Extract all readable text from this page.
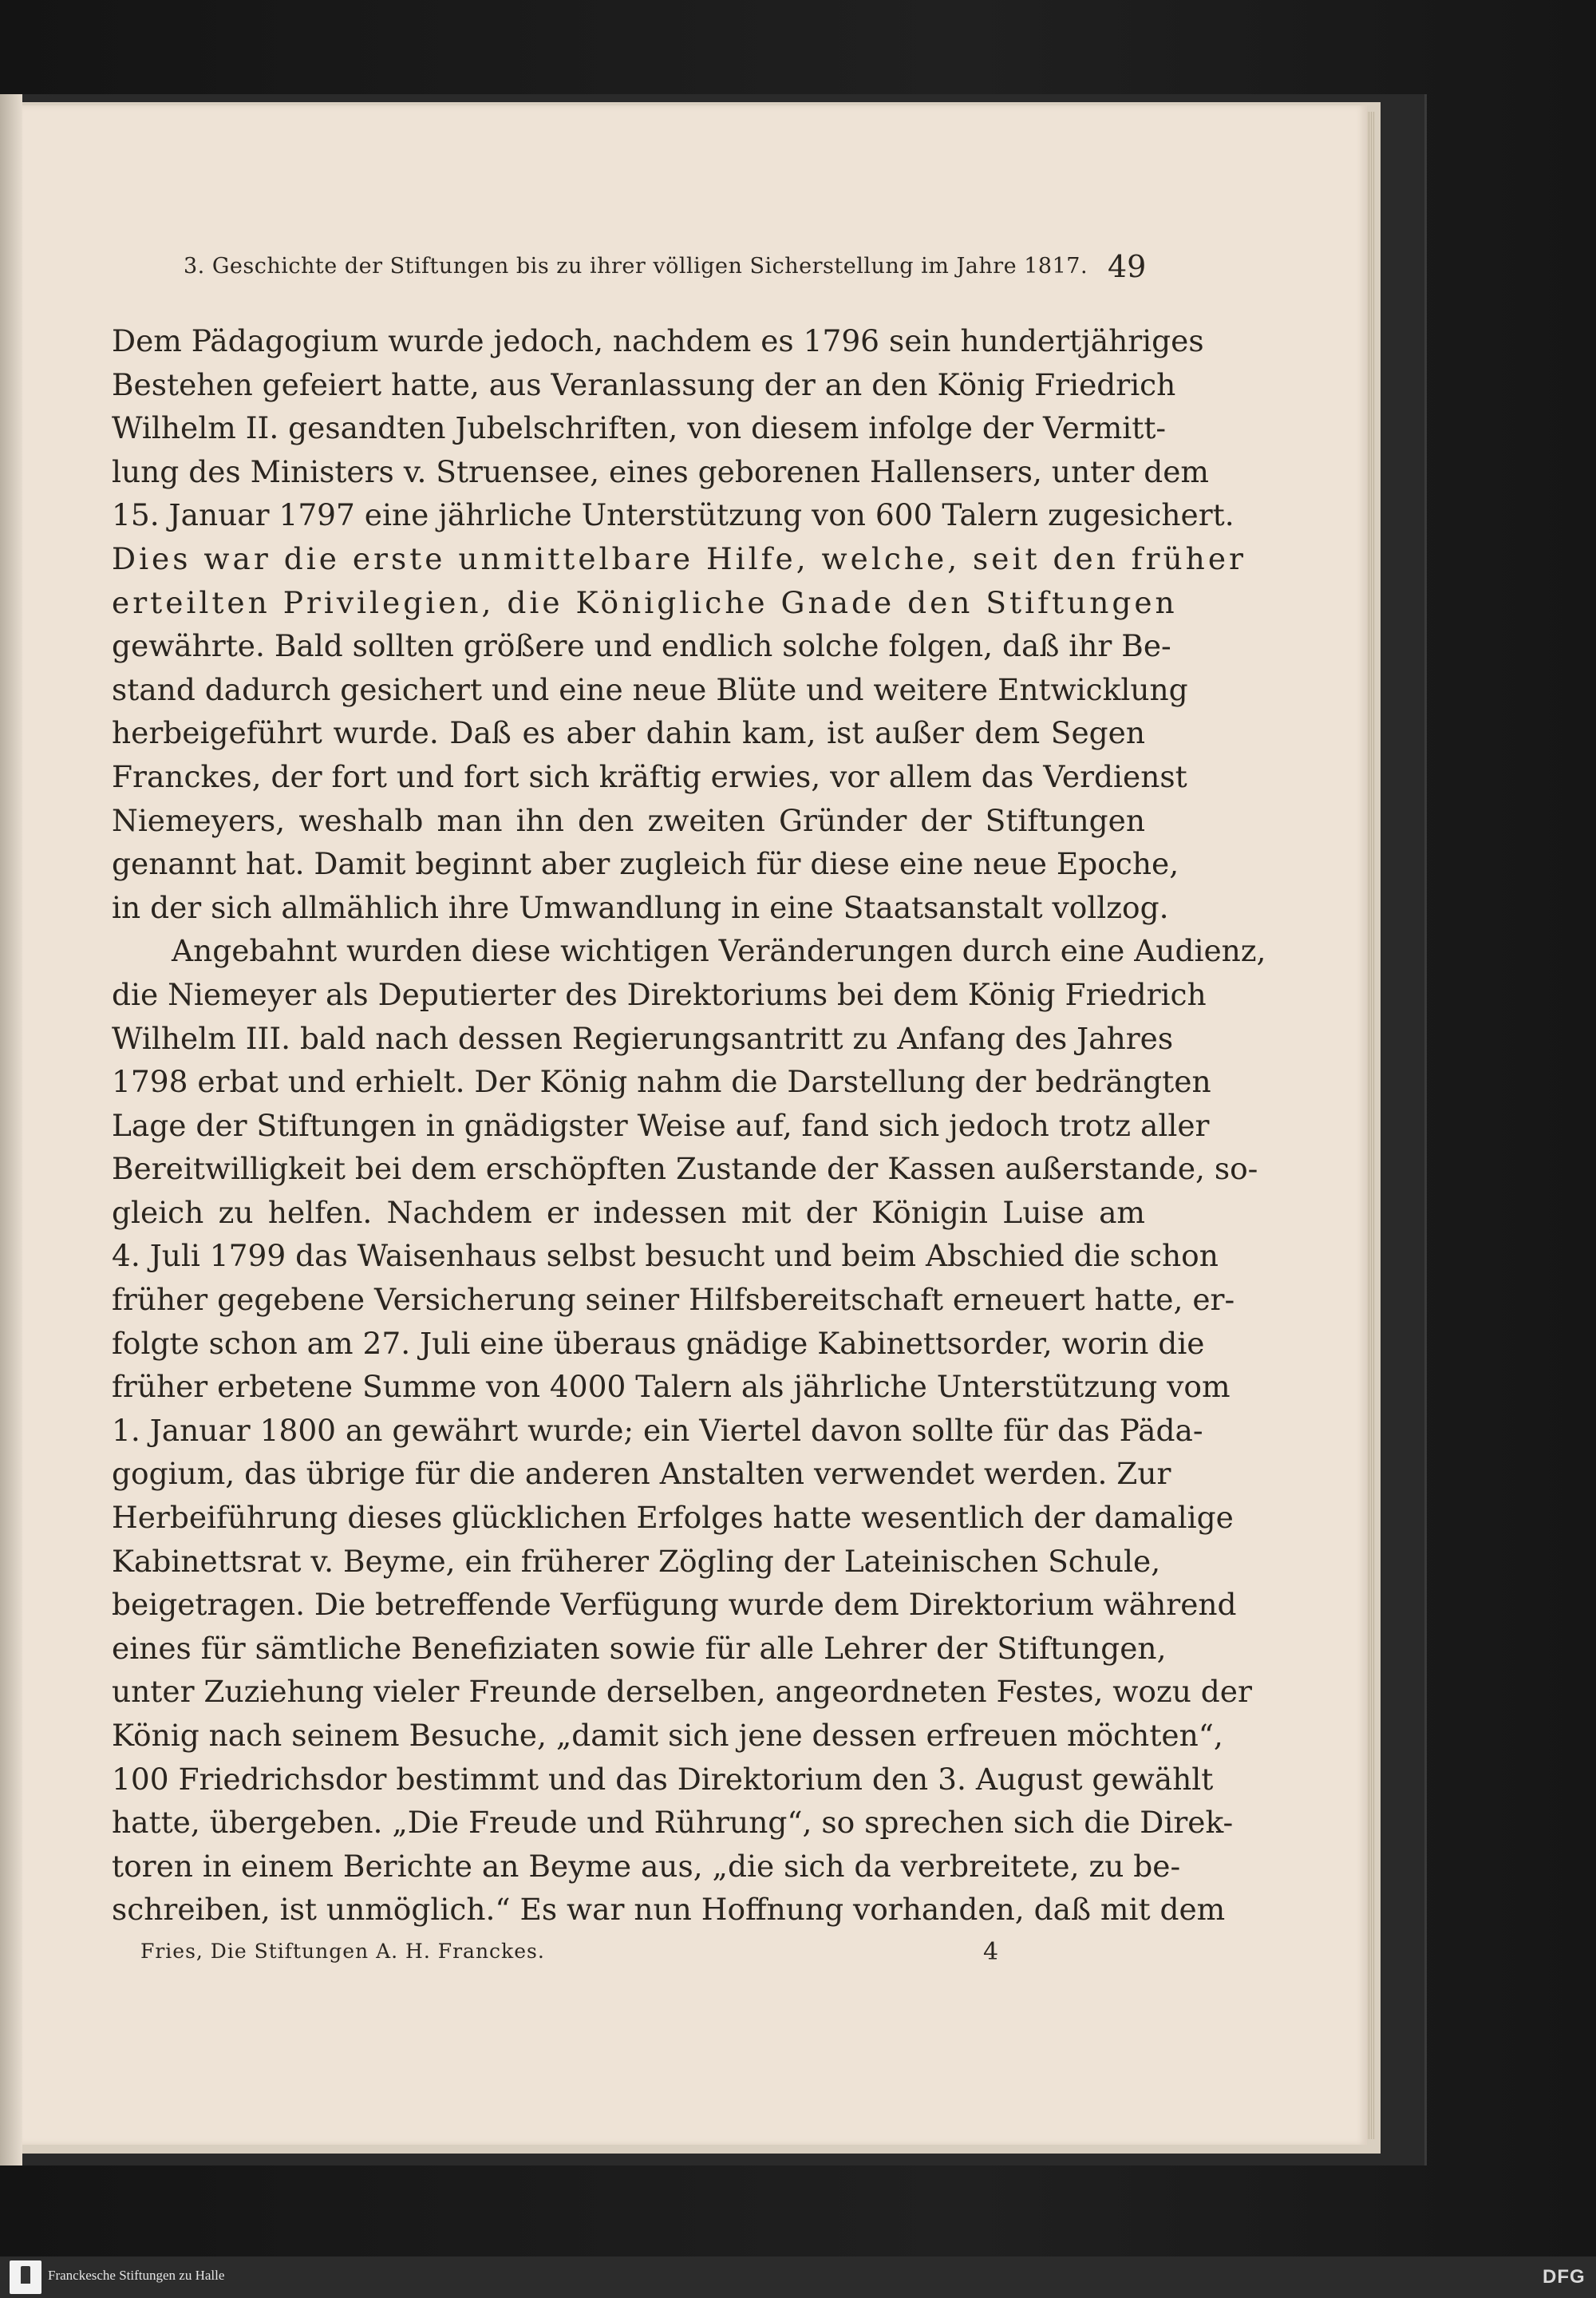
3. Geschichte der Stiftungen bis zu ihrer völligen Sicherstellung im Jahre 1817. 49
Dem Pädagogium wurde jedoch, nachdem es 1796 sein hundertjähriges
Bestehen gefeiert hatte, aus Veranlassung der an den König Friedrich
Wilhelm II. gesandten Jubelschriften, von diesem infolge der Vermitt-
lung des Ministers v. Struensee, eines geborenen Hallensers, unter dem
15. Januar 1797 eine jährliche Unterstützung von 600 Talern zugesichert.
Dies war die erste unmittelbare Hilfe, welche, seit den früher
erteilten Privilegien, die Königliche Gnade den Stiftungen
gewährte. Bald sollten größere und endlich solche folgen, daß ihr Be-
stand dadurch gesichert und eine neue Blüte und weitere Entwicklung
herbeigeführt wurde. Daß es aber dahin kam, ist außer dem Segen
Franckes, der fort und fort sich kräftig erwies, vor allem das Verdienst
Niemeyers, weshalb man ihn den zweiten Gründer der Stiftungen
genannt hat. Damit beginnt aber zugleich für diese eine neue Epoche,
in der sich allmählich ihre Umwandlung in eine Staatsanstalt vollzog.
Angebahnt wurden diese wichtigen Veränderungen durch eine Audienz,
die Niemeyer als Deputierter des Direktoriums bei dem König Friedrich
Wilhelm III. bald nach dessen Regierungsantritt zu Anfang des Jahres
1798 erbat und erhielt. Der König nahm die Darstellung der bedrängten
Lage der Stiftungen in gnädigster Weise auf, fand sich jedoch trotz aller
Bereitwilligkeit bei dem erschöpften Zustande der Kassen außerstande, so-
gleich zu helfen. Nachdem er indessen mit der Königin Luise am
4. Juli 1799 das Waisenhaus selbst besucht und beim Abschied die schon
früher gegebene Versicherung seiner Hilfsbereitschaft erneuert hatte, er-
folgte schon am 27. Juli eine überaus gnädige Kabinettsorder, worin die
früher erbetene Summe von 4000 Talern als jährliche Unterstützung vom
1. Januar 1800 an gewährt wurde; ein Viertel davon sollte für das Päda-
gogium, das übrige für die anderen Anstalten verwendet werden. Zur
Herbeiführung dieses glücklichen Erfolges hatte wesentlich der damalige
Kabinettsrat v. Beyme, ein früherer Zögling der Lateinischen Schule,
beigetragen. Die betreffende Verfügung wurde dem Direktorium während
eines für sämtliche Benefiziaten sowie für alle Lehrer der Stiftungen,
unter Zuziehung vieler Freunde derselben, angeordneten Festes, wozu der
König nach seinem Besuche, „damit sich jene dessen erfreuen möchten“,
100 Friedrichsdor bestimmt und das Direktorium den 3. August gewählt
hatte, übergeben. „Die Freude und Rührung“, so sprechen sich die Direk-
toren in einem Berichte an Beyme aus, „die sich da verbreitete, zu be-
schreiben, ist unmöglich.“ Es war nun Hoffnung vorhanden, daß mit dem
Fries, Die Stiftungen A. H. Franckes.	4
Franckesche Stiftungen zu Halle	DFG
